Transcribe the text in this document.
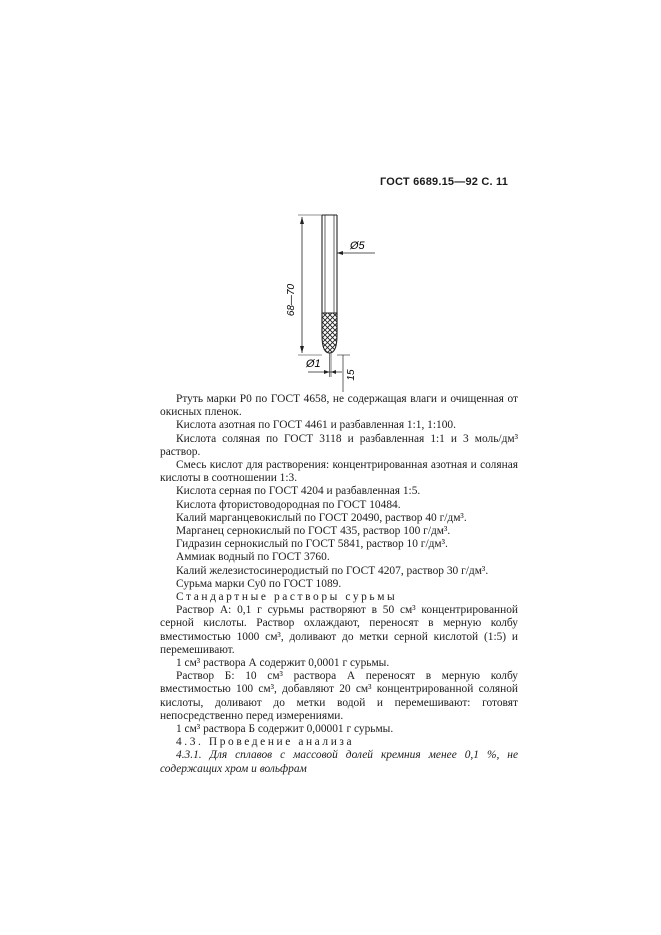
ГОСТ 6689.15—92 С. 11
68—70
Ø5
Ø1
15

Ртуть марки Р0 по ГОСТ 4658, не содержащая влаги и очищенная от окисных пленок.

Кислота азотная по ГОСТ 4461 и разбавленная 1:1, 1:100.

Кислота соляная по ГОСТ 3118 и разбавленная 1:1 и 3 моль/дм³ раствор.

Смесь кислот для растворения: концентрированная азотная и соляная кислоты в соотношении 1:3.

Кислота серная по ГОСТ 4204 и разбавленная 1:5.

Кислота фтористоводородная по ГОСТ 10484.

Калий марганцевокислый по ГОСТ 20490, раствор 40 г/дм³.

Марганец сернокислый по ГОСТ 435, раствор 100 г/дм³.

Гидразин сернокислый по ГОСТ 5841, раствор 10 г/дм³.

Аммиак водный по ГОСТ 3760.

Калий железистосинеродистый по ГОСТ 4207, раствор 30 г/дм³.

Сурьма марки Су0 по ГОСТ 1089.

Стандартные растворы сурьмы

Раствор А: 0,1 г сурьмы растворяют в 50 см³ концентрированной серной кислоты. Раствор охлаждают, переносят в мерную колбу вместимостью 1000 см³, доливают до метки серной кислотой (1:5) и перемешивают.

1 см³ раствора А содержит 0,0001 г сурьмы.

Раствор Б: 10 см³ раствора А переносят в мерную колбу вместимостью 100 см³, добавляют 20 см³ концентрированной соляной кислоты, доливают до метки водой и перемешивают: готовят непосредственно перед измерениями.

1 см³ раствора Б содержит 0,00001 г сурьмы.

4.3. Проведение анализа

4.3.1. Для сплавов с массовой долей кремния менее 0,1 %, не содержащих хром и вольфрам
